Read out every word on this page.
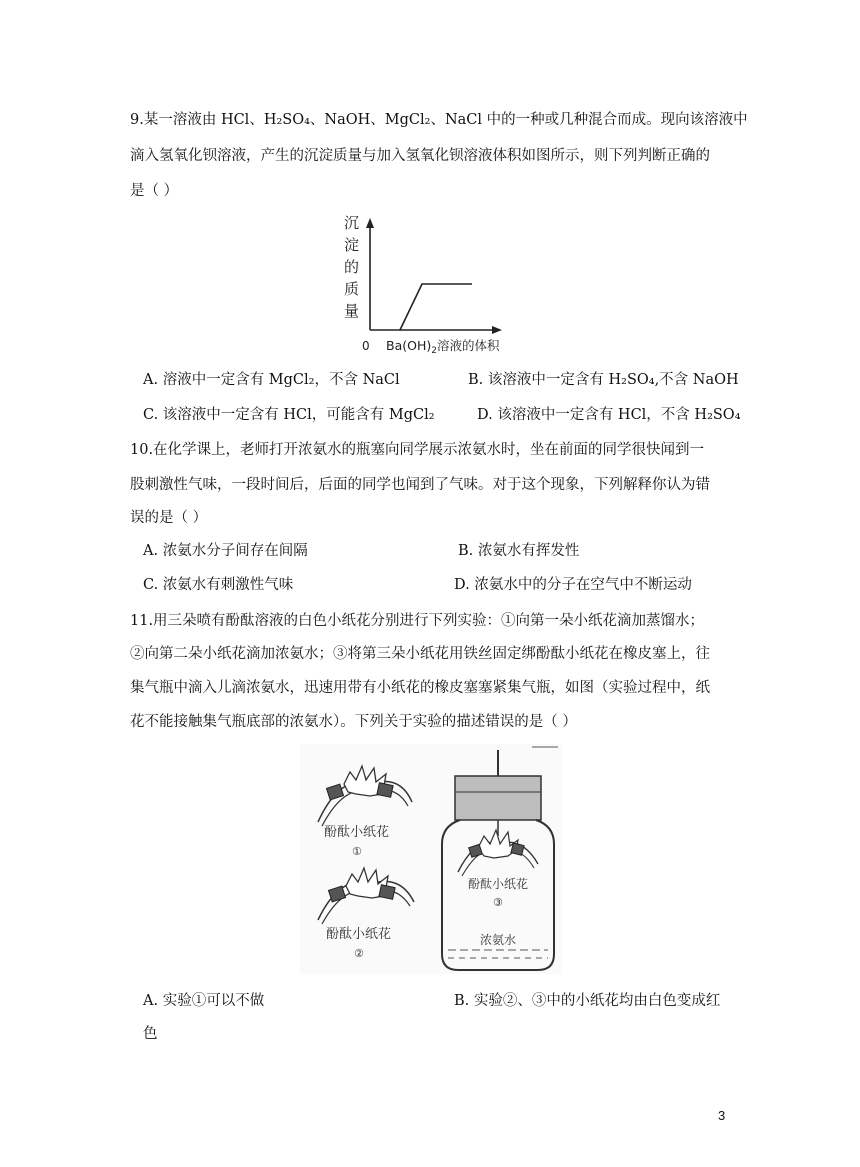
9.某一溶液由 HCl、H₂SO₄、NaOH、MgCl₂、NaCl 中的一种或几种混合而成。现向该溶液中
滴入氢氧化钡溶液，产生的沉淀质量与加入氢氧化钡溶液体积如图所示，则下列判断正确的
是（ ）
沉
淀
的
质
量
0 $Ba(OH)_2$溶液的体积
A. 溶液中一定含有 MgCl₂，不含 NaCl	B. 该溶液中一定含有 H₂SO₄,不含 NaOH
C. 该溶液中一定含有 HCl，可能含有 MgCl₂	D. 该溶液中一定含有 HCl，不含 H₂SO₄
10.在化学课上，老师打开浓氨水的瓶塞向同学展示浓氨水时，坐在前面的同学很快闻到一
股刺激性气味，一段时间后，后面的同学也闻到了气味。对于这个现象，下列解释你认为错
误的是（ ）
A. 浓氨水分子间存在间隔	B. 浓氨水有挥发性
C. 浓氨水有刺激性气味	D. 浓氨水中的分子在空气中不断运动
11.用三朵喷有酚酞溶液的白色小纸花分别进行下列实验：①向第一朵小纸花滴加蒸馏水；
②向第二朵小纸花滴加浓氨水；③将第三朵小纸花用铁丝固定绑酚酞小纸花在橡皮塞上，往
集气瓶中滴入儿滴浓氨水，迅速用带有小纸花的橡皮塞塞紧集气瓶，如图（实验过程中，纸
花不能接触集气瓶底部的浓氨水）。下列关于实验的描述错误的是（ ）
酚酞小纸花
①
酚酞小纸花
②
酚酞小纸花
③
浓氨水
A. 实验①可以不做	B. 实验②、③中的小纸花均由白色变成红
色
3
